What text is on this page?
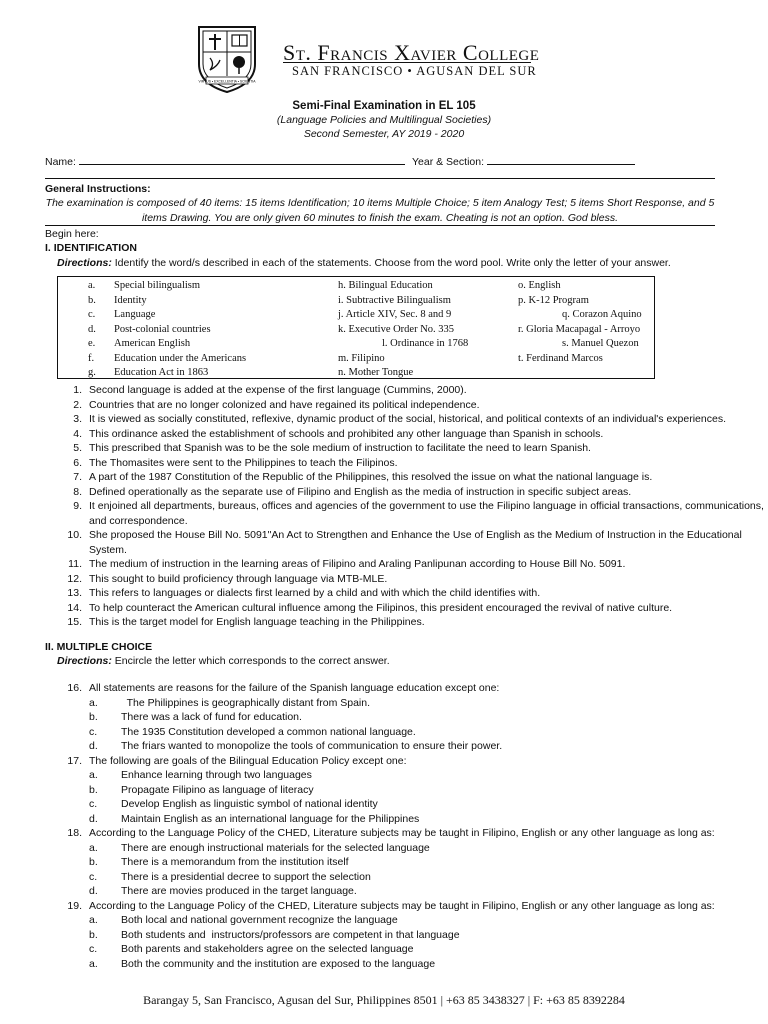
VIRTUS • EXCELLENTIA • SCIENTIA
St. Francis Xavier College
SAN FRANCISCO • AGUSAN DEL SUR
Semi-Final Examination in EL 105
(Language Policies and Multilingual Societies)
Second Semester, AY 2019 - 2020
Name:	Year & Section:
General Instructions:
The examination is composed of 40 items: 15 items Identification; 10 items Multiple Choice; 5 item Analogy Test; 5 items Short Response, and 5 items Drawing. You are only given 60 minutes to finish the exam. Cheating is not an option. God bless.
Begin here:
I. IDENTIFICATION
Directions: Identify the word/s described in each of the statements. Choose from the word pool. Write only the letter of your answer.
a. Special bilingualism
b. Identity
c. Language
d. Post-colonial countries
e. American English
f. Education under the Americans
g. Education Act in 1863
h. Bilingual Education
i. Subtractive Bilingualism
j. Article XIV, Sec. 8 and 9
k. Executive Order No. 335
l. Ordinance in 1768
m. Filipino
n. Mother Tongue
o. English
p. K-12 Program
q. Corazon Aquino
r. Gloria Macapagal - Arroyo
s. Manuel Quezon
t. Ferdinand Marcos
1. Second language is added at the expense of the first language (Cummins, 2000).
2. Countries that are no longer colonized and have regained its political independence.
3. It is viewed as socially constituted, reflexive, dynamic product of the social, historical, and political contexts of an individual's experiences.
4. This ordinance asked the establishment of schools and prohibited any other language than Spanish in schools.
5. This prescribed that Spanish was to be the sole medium of instruction to facilitate the need to learn Spanish.
6. The Thomasites were sent to the Philippines to teach the Filipinos.
7. A part of the 1987 Constitution of the Republic of the Philippines, this resolved the issue on what the national language is.
8. Defined operationally as the separate use of Filipino and English as the media of instruction in specific subject areas.
9. It enjoined all departments, bureaus, offices and agencies of the government to use the Filipino language in official transactions, communications, and correspondence.
10. She proposed the House Bill No. 5091"An Act to Strengthen and Enhance the Use of English as the Medium of Instruction in the Educational System.
11. The medium of instruction in the learning areas of Filipino and Araling Panlipunan according to House Bill No. 5091.
12. This sought to build proficiency through language via MTB-MLE.
13. This refers to languages or dialects first learned by a child and with which the child identifies with.
14. To help counteract the American cultural influence among the Filipinos, this president encouraged the revival of native culture.
15. This is the target model for English language teaching in the Philippines.
II. MULTIPLE CHOICE
Directions: Encircle the letter which corresponds to the correct answer.
16. All statements are reasons for the failure of the Spanish language education except one:
a. The Philippines is geographically distant from Spain.
b. There was a lack of fund for education.
c. The 1935 Constitution developed a common national language.
d. The friars wanted to monopolize the tools of communication to ensure their power.
17. The following are goals of the Bilingual Education Policy except one:
a. Enhance learning through two languages
b. Propagate Filipino as language of literacy
c. Develop English as linguistic symbol of national identity
d. Maintain English as an international language for the Philippines
18. According to the Language Policy of the CHED, Literature subjects may be taught in Filipino, English or any other language as long as:
a. There are enough instructional materials for the selected language
b. There is a memorandum from the institution itself
c. There is a presidential decree to support the selection
d. There are movies produced in the target language.
19. According to the Language Policy of the CHED, Literature subjects may be taught in Filipino, English or any other language as long as:
a. Both local and national government recognize the language
b. Both students and  instructors/professors are competent in that language
c. Both parents and stakeholders agree on the selected language
a. Both the community and the institution are exposed to the language
Barangay 5, San Francisco, Agusan del Sur, Philippines 8501 | +63 85 3438327 | F: +63 85 8392284
